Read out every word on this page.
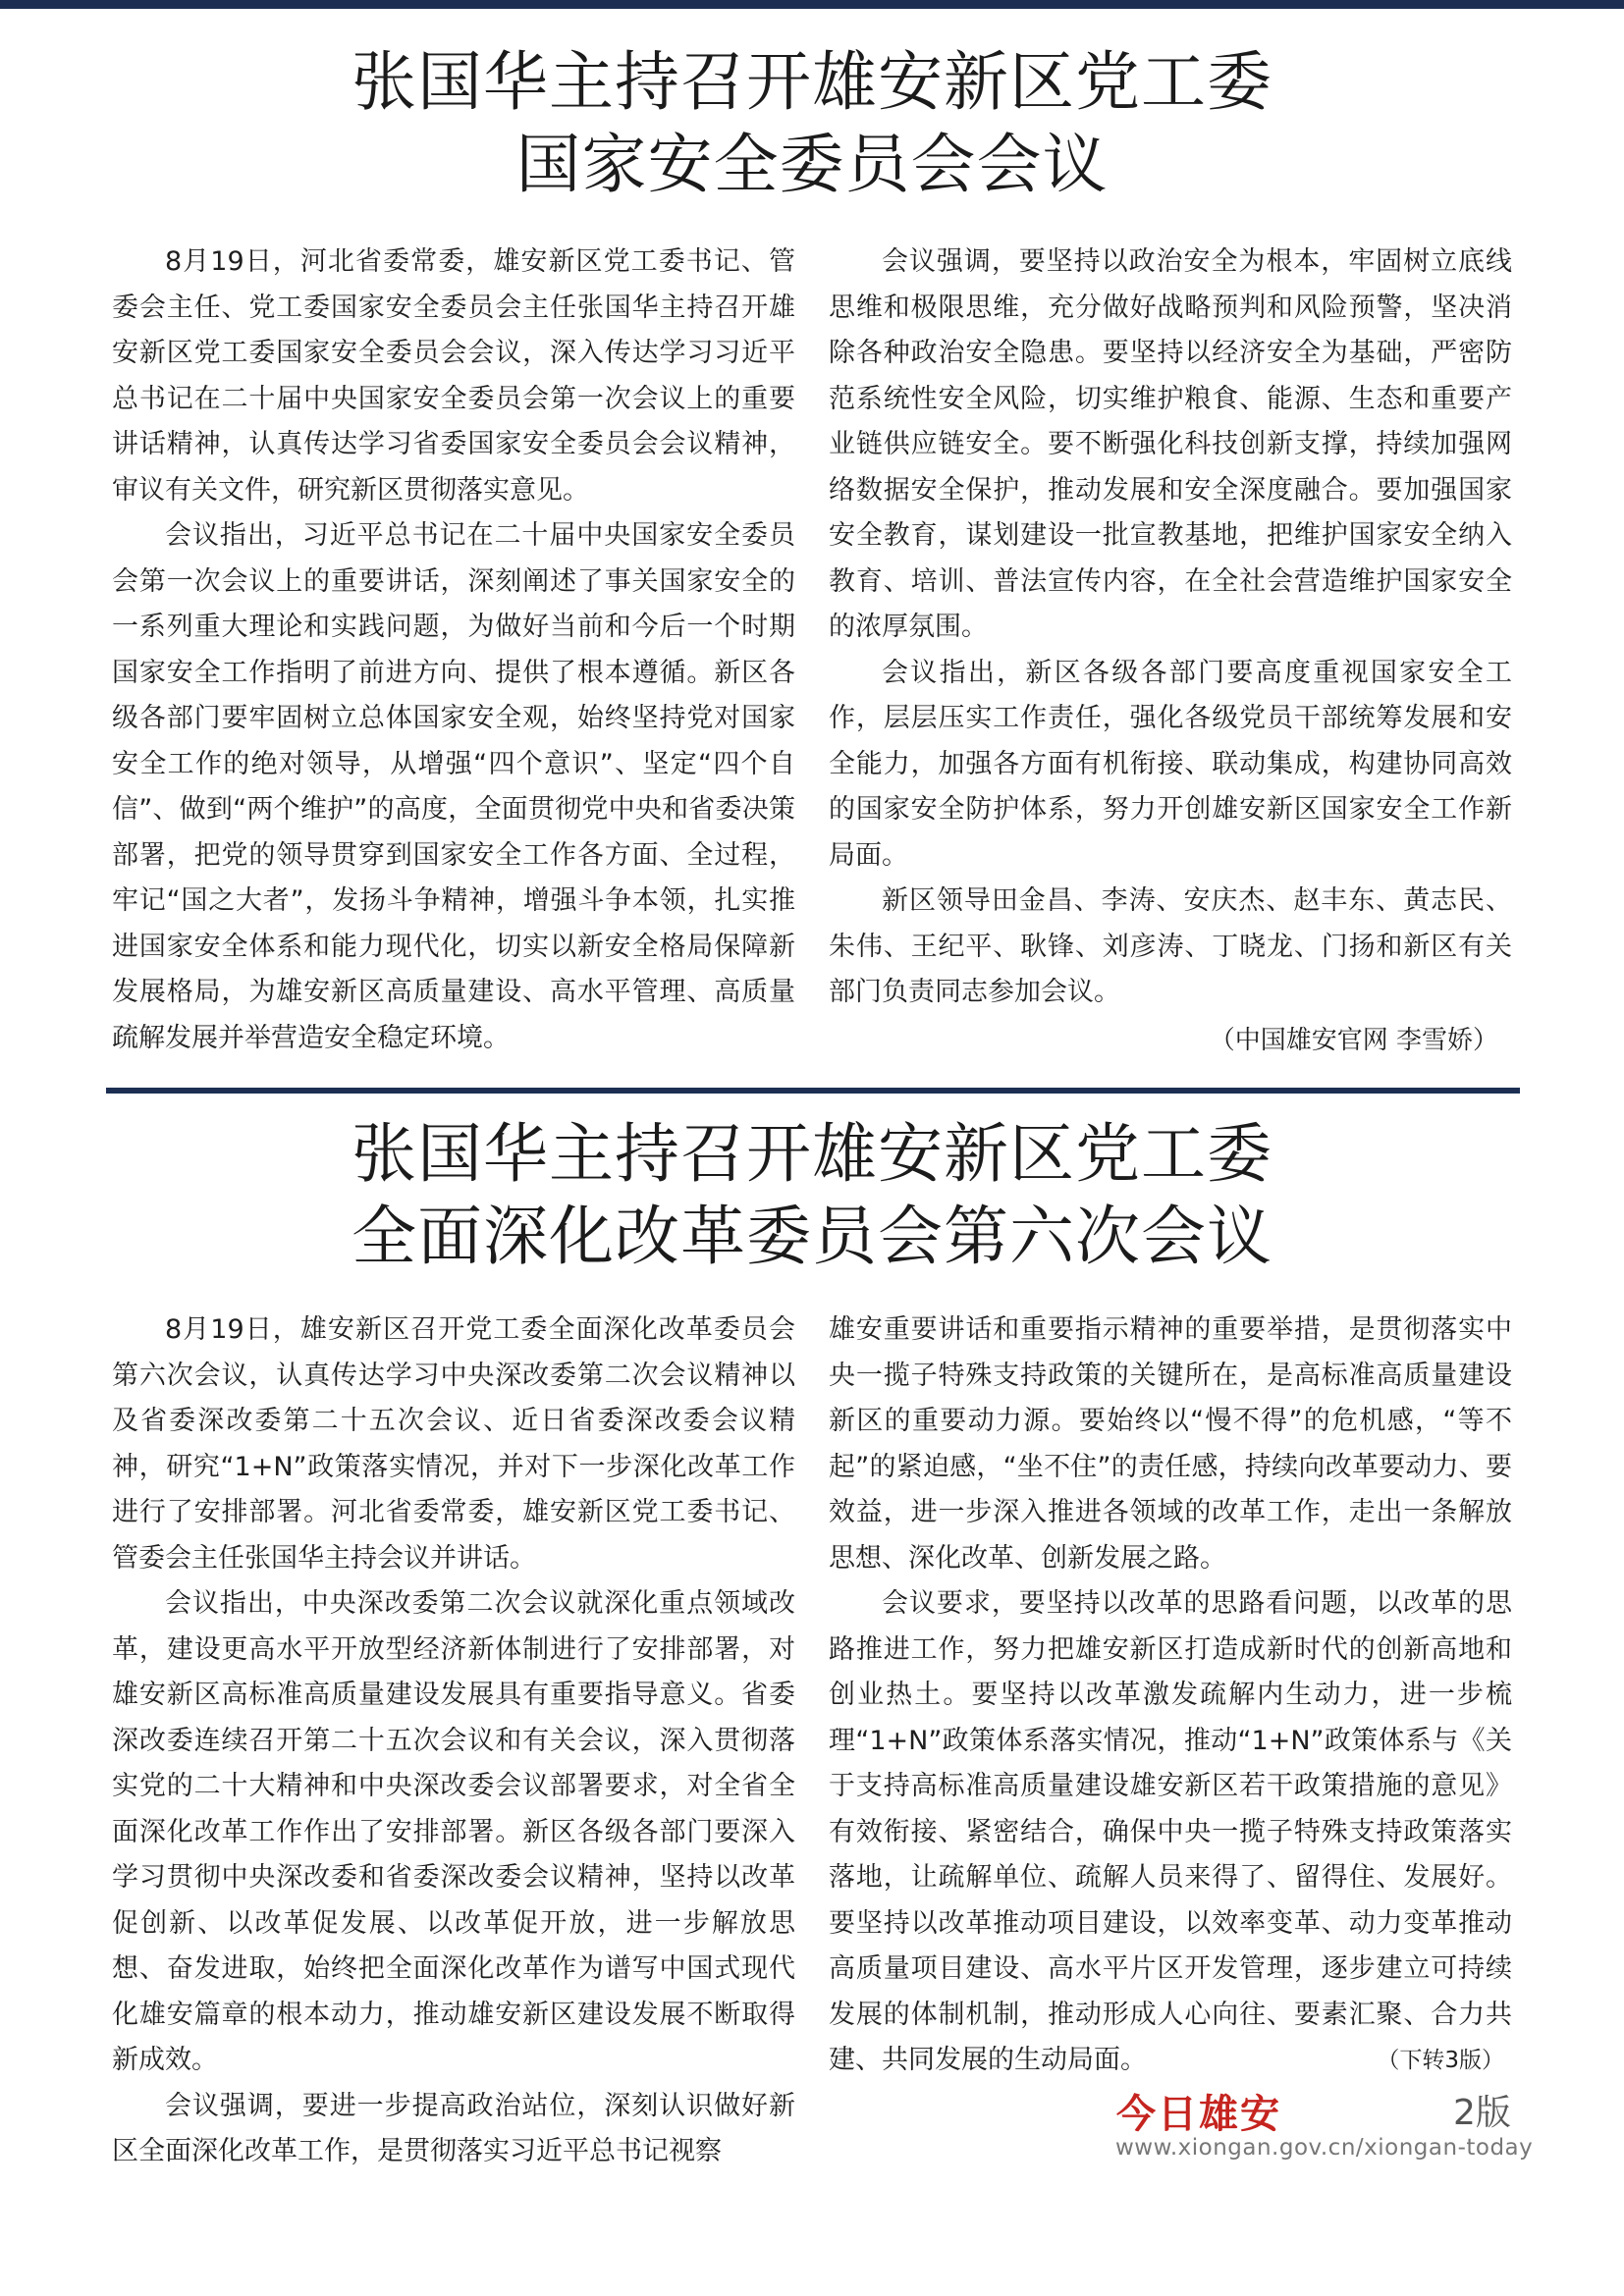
张国华主持召开雄安新区党工委
国家安全委员会会议

8月19日，河北省委常委，雄安新区党工委书记、管委会主任、党工委国家安全委员会主任张国华主持召开雄安新区党工委国家安全委员会会议，深入传达学习习近平总书记在二十届中央国家安全委员会第一次会议上的重要讲话精神，认真传达学习省委国家安全委员会会议精神，审议有关文件，研究新区贯彻落实意见。

会议指出，习近平总书记在二十届中央国家安全委员会第一次会议上的重要讲话，深刻阐述了事关国家安全的一系列重大理论和实践问题，为做好当前和今后一个时期国家安全工作指明了前进方向、提供了根本遵循。新区各级各部门要牢固树立总体国家安全观，始终坚持党对国家安全工作的绝对领导，从增强“四个意识”、坚定“四个自信”、做到“两个维护”的高度，全面贯彻党中央和省委决策部署，把党的领导贯穿到国家安全工作各方面、全过程，牢记“国之大者”，发扬斗争精神，增强斗争本领，扎实推进国家安全体系和能力现代化，切实以新安全格局保障新发展格局，为雄安新区高质量建设、高水平管理、高质量疏解发展并举营造安全稳定环境。

会议强调，要坚持以政治安全为根本，牢固树立底线思维和极限思维，充分做好战略预判和风险预警，坚决消除各种政治安全隐患。要坚持以经济安全为基础，严密防范系统性安全风险，切实维护粮食、能源、生态和重要产业链供应链安全。要不断强化科技创新支撑，持续加强网络数据安全保护，推动发展和安全深度融合。要加强国家安全教育，谋划建设一批宣教基地，把维护国家安全纳入教育、培训、普法宣传内容，在全社会营造维护国家安全的浓厚氛围。

会议指出，新区各级各部门要高度重视国家安全工作，层层压实工作责任，强化各级党员干部统筹发展和安全能力，加强各方面有机衔接、联动集成，构建协同高效的国家安全防护体系，努力开创雄安新区国家安全工作新局面。

新区领导田金昌、李涛、安庆杰、赵丰东、黄志民、朱伟、王纪平、耿锋、刘彦涛、丁晓龙、门扬和新区有关部门负责同志参加会议。

（中国雄安官网 李雪娇）
张国华主持召开雄安新区党工委
全面深化改革委员会第六次会议

8月19日，雄安新区召开党工委全面深化改革委员会第六次会议，认真传达学习中央深改委第二次会议精神以及省委深改委第二十五次会议、近日省委深改委会议精神，研究“1+N”政策落实情况，并对下一步深化改革工作进行了安排部署。河北省委常委，雄安新区党工委书记、管委会主任张国华主持会议并讲话。

会议指出，中央深改委第二次会议就深化重点领域改革，建设更高水平开放型经济新体制进行了安排部署，对雄安新区高标准高质量建设发展具有重要指导意义。省委深改委连续召开第二十五次会议和有关会议，深入贯彻落实党的二十大精神和中央深改委会议部署要求，对全省全面深化改革工作作出了安排部署。新区各级各部门要深入学习贯彻中央深改委和省委深改委会议精神，坚持以改革促创新、以改革促发展、以改革促开放，进一步解放思想、奋发进取，始终把全面深化改革作为谱写中国式现代化雄安篇章的根本动力，推动雄安新区建设发展不断取得新成效。

会议强调，要进一步提高政治站位，深刻认识做好新区全面深化改革工作，是贯彻落实习近平总书记视察

雄安重要讲话和重要指示精神的重要举措，是贯彻落实中央一揽子特殊支持政策的关键所在，是高标准高质量建设新区的重要动力源。要始终以“慢不得”的危机感，“等不起”的紧迫感，“坐不住”的责任感，持续向改革要动力、要效益，进一步深入推进各领域的改革工作，走出一条解放思想、深化改革、创新发展之路。

会议要求，要坚持以改革的思路看问题，以改革的思路推进工作，努力把雄安新区打造成新时代的创新高地和创业热土。要坚持以改革激发疏解内生动力，进一步梳理“1+N”政策体系落实情况，推动“1+N”政策体系与《关于支持高标准高质量建设雄安新区若干政策措施的意见》有效衔接、紧密结合，确保中央一揽子特殊支持政策落实落地，让疏解单位、疏解人员来得了、留得住、发展好。要坚持以改革推动项目建设，以效率变革、动力变革推动高质量项目建设、高水平片区开发管理，逐步建立可持续发展的体制机制，推动形成人心向往、要素汇聚、合力共建、共同发展的生动局面。	（下转3版）

今日雄安	2版
www.xiongan.gov.cn/xiongan-today
